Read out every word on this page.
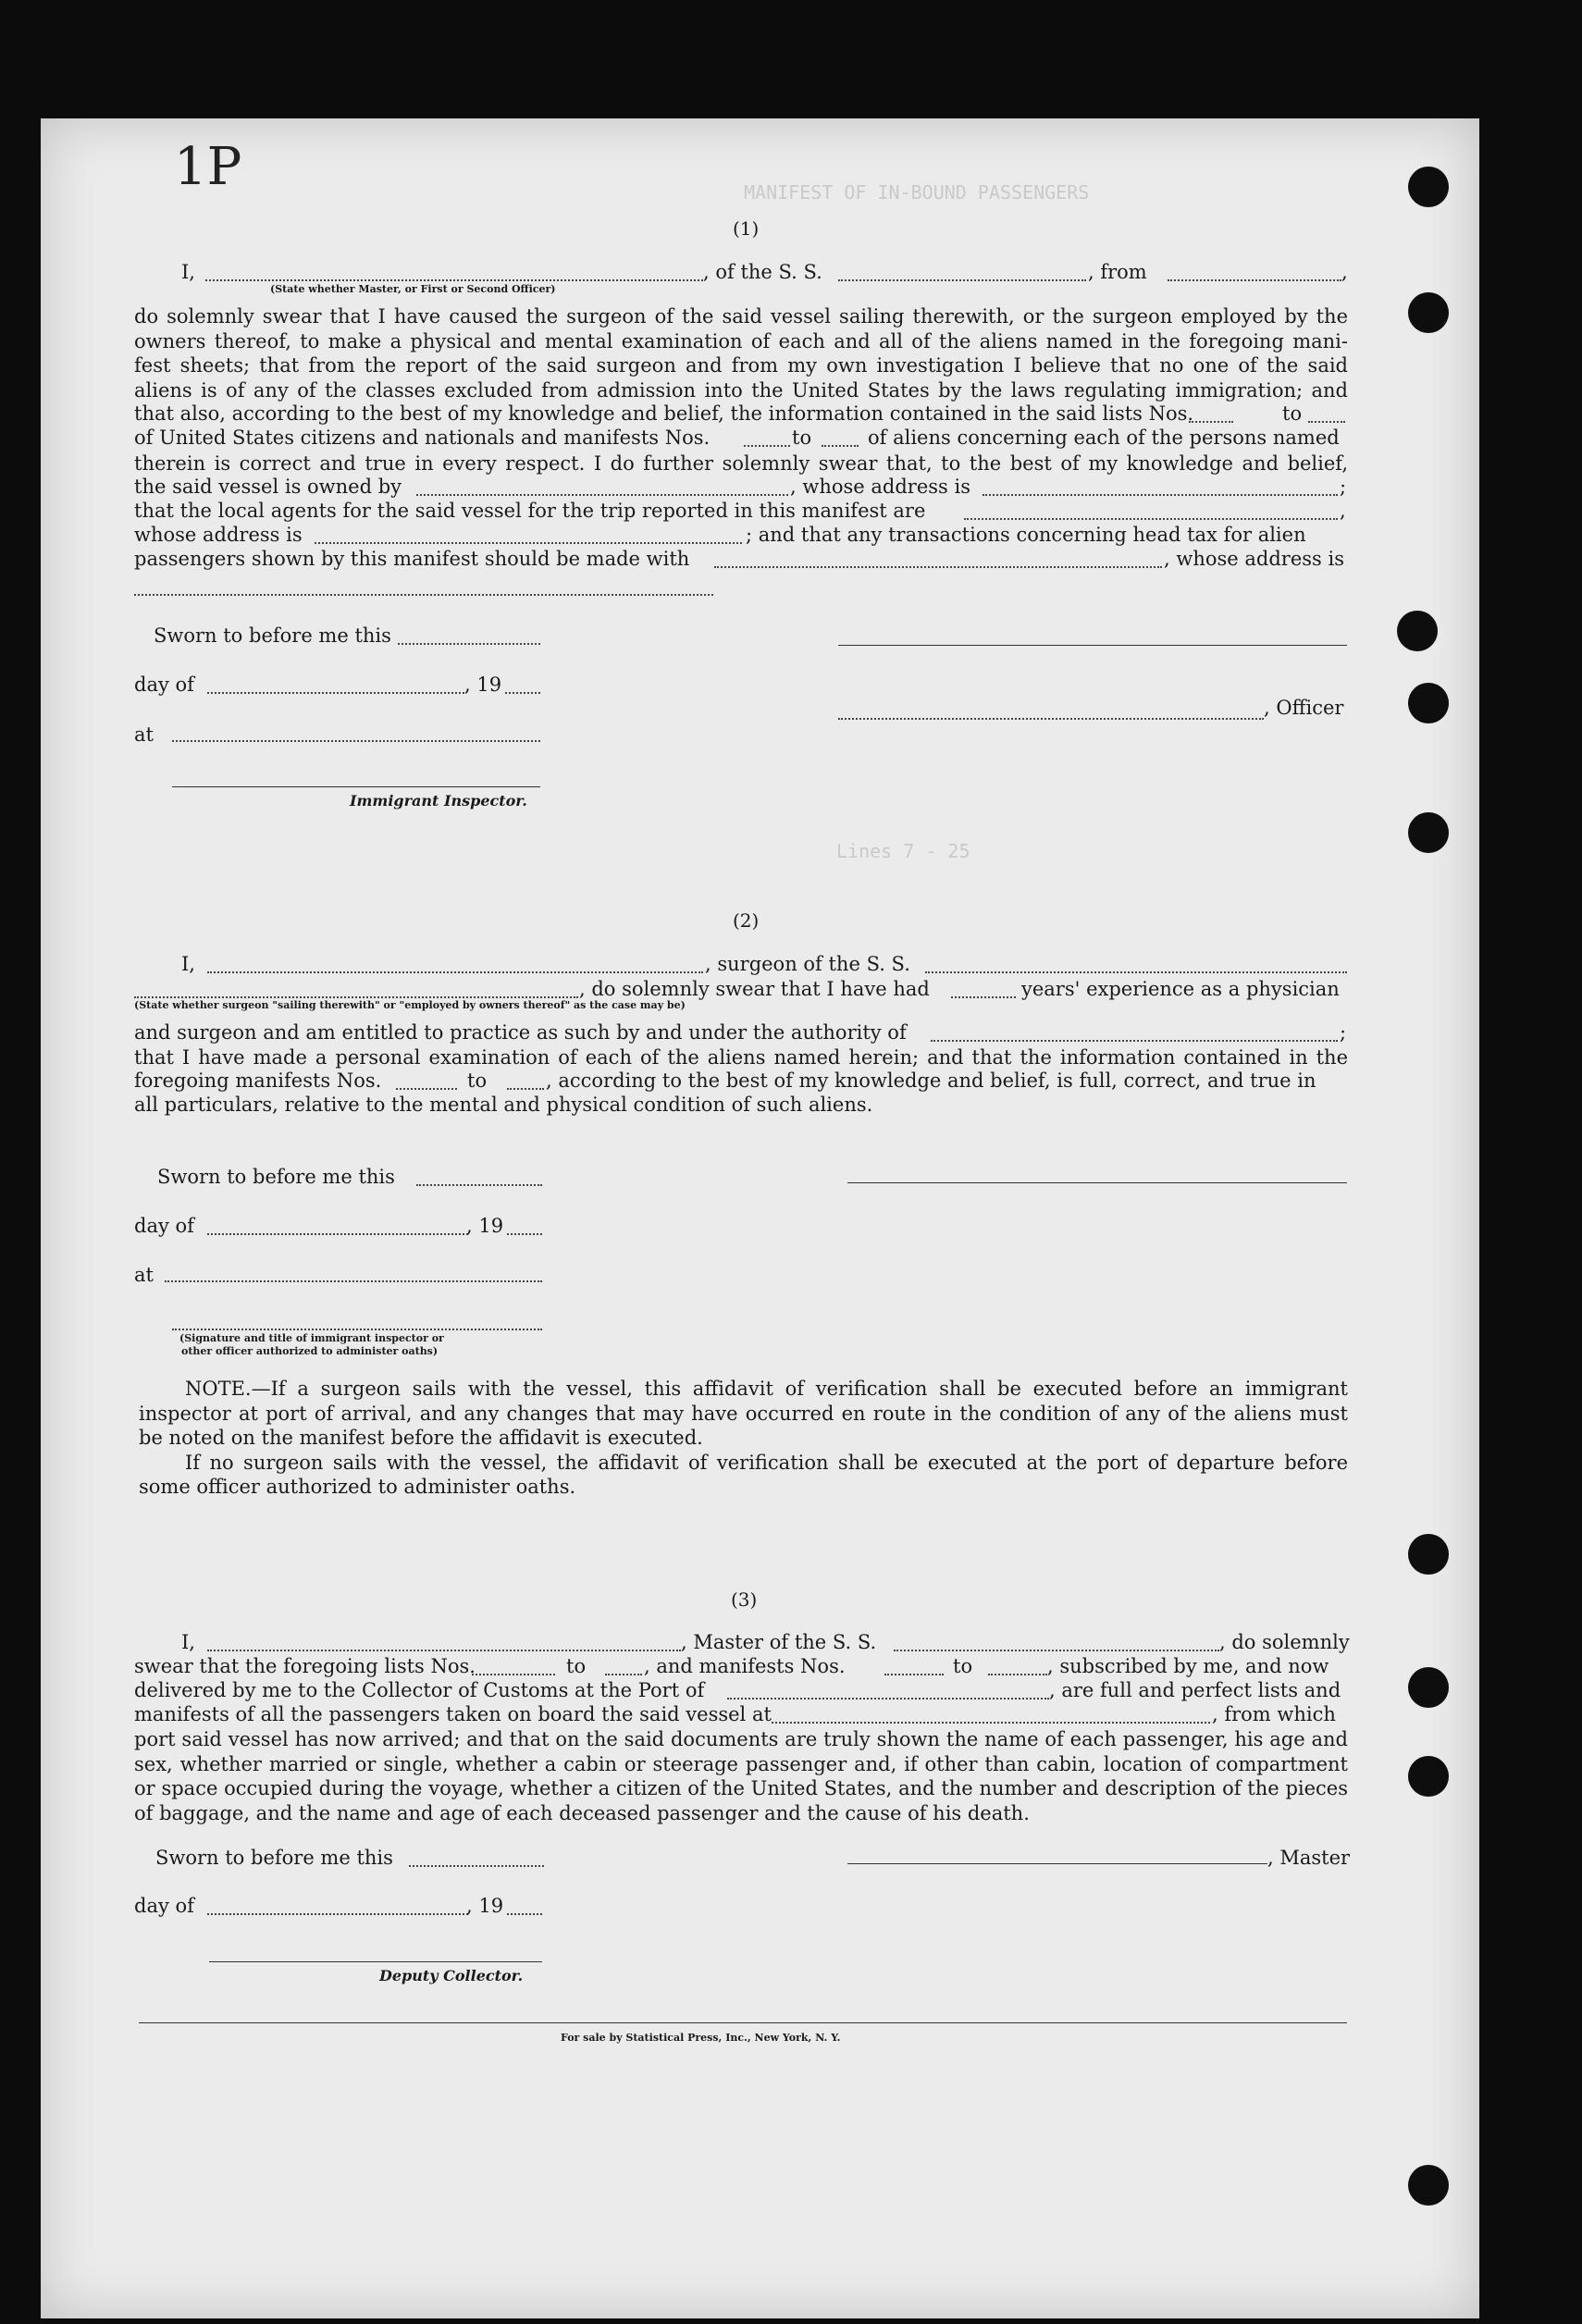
MANIFEST OF IN-BOUND PASSENGERS
Lines 7 - 25
1P
(1)
I,	, of the S. S.	, from	,
(State whether Master, or First or Second Officer)
do solemnly swear that I have caused the surgeon of the said vessel sailing therewith, or the surgeon employed by the
owners thereof, to make a physical and mental examination of each and all of the aliens named in the foregoing mani-
fest sheets; that from the report of the said surgeon and from my own investigation I believe that no one of the said
aliens is of any of the classes excluded from admission into the United States by the laws regulating immigration; and
that also, according to the best of my knowledge and belief, the information contained in the said lists Nos.	to
of United States citizens and nationals and manifests Nos.	to	of aliens concerning each of the persons named
therein is correct and true in every respect. I do further solemnly swear that, to the best of my knowledge and belief,
the said vessel is owned by	, whose address is	;
that the local agents for the said vessel for the trip reported in this manifest are	,
whose address is	; and that any transactions concerning head tax for alien
passengers shown by this manifest should be made with	, whose address is
Sworn to before me this
day of	, 19
, Officer
at
Immigrant Inspector.
(2)
I,	, surgeon of the S. S.
, do solemnly swear that I have had	years' experience as a physician
(State whether surgeon "sailing therewith" or "employed by owners thereof" as the case may be)
and surgeon and am entitled to practice as such by and under the authority of	;
that I have made a personal examination of each of the aliens named herein; and that the information contained in the
foregoing manifests Nos.	to	, according to the best of my knowledge and belief, is full, correct, and true in
all particulars, relative to the mental and physical condition of such aliens.
Sworn to before me this
day of	, 19
at
(Signature and title of immigrant inspector or
other officer authorized to administer oaths)
NOTE.—If a surgeon sails with the vessel, this affidavit of verification shall be executed before an immigrant
inspector at port of arrival, and any changes that may have occurred en route in the condition of any of the aliens must
be noted on the manifest before the affidavit is executed.
If no surgeon sails with the vessel, the affidavit of verification shall be executed at the port of departure before
some officer authorized to administer oaths.
(3)
I,	, Master of the S. S.	, do solemnly
swear that the foregoing lists Nos.	to	, and manifests Nos.	to	, subscribed by me, and now
delivered by me to the Collector of Customs at the Port of	, are full and perfect lists and
manifests of all the passengers taken on board the said vessel at	, from which
port said vessel has now arrived; and that on the said documents are truly shown the name of each passenger, his age and
sex, whether married or single, whether a cabin or steerage passenger and, if other than cabin, location of compartment
or space occupied during the voyage, whether a citizen of the United States, and the number and description of the pieces
of baggage, and the name and age of each deceased passenger and the cause of his death.
Sworn to before me this	, Master
day of	, 19
Deputy Collector.
For sale by Statistical Press, Inc., New York, N. Y.
